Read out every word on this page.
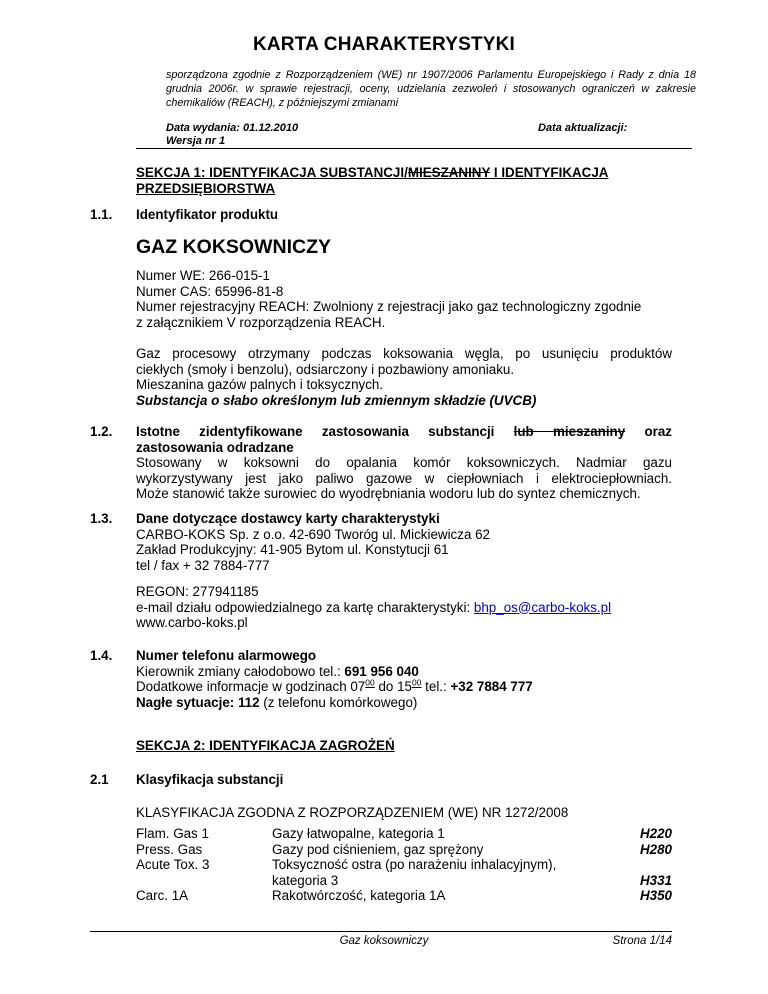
KARTA CHARAKTERYSTYKI
sporządzona zgodnie z Rozporządzeniem (WE) nr 1907/2006 Parlamentu Europejskiego i Rady z dnia 18 grudnia 2006r. w sprawie rejestracji, oceny, udzielania zezwoleń i stosowanych ograniczeń w zakresie chemikaliów (REACH), z późniejszymi zmianami
Data wydania: 01.12.2010
Wersja nr 1
Data aktualizacji:
SEKCJA 1: IDENTYFIKACJA SUBSTANCJI/MIESZANINY I IDENTYFIKACJA
PRZEDSIĘBIORSTWA
1.1. Identyfikator produktu
GAZ KOKSOWNICZY
Numer WE: 266-015-1
Numer CAS: 65996-81-8
Numer rejestracyjny REACH: Zwolniony z rejestracji jako gaz technologiczny zgodnie
z załącznikiem V rozporządzenia REACH.
Gaz procesowy otrzymany podczas koksowania węgla, po usunięciu produktów
ciekłych (smoły i benzolu), odsiarczony i pozbawiony amoniaku.
Mieszanina gazów palnych i toksycznych.
Substancja o słabo określonym lub zmiennym składzie (UVCB)
1.2. Istotne zidentyfikowane zastosowania substancji lub mieszaniny oraz
zastosowania odradzane
Stosowany w koksowni do opalania komór koksowniczych. Nadmiar gazu
wykorzystywany jest jako paliwo gazowe w ciepłowniach i elektrociepłowniach.
Może stanowić także surowiec do wyodrębniania wodoru lub do syntez chemicznych.
1.3. Dane dotyczące dostawcy karty charakterystyki
CARBO-KOKS Sp. z o.o. 42-690 Tworóg ul. Mickiewicza 62
Zakład Produkcyjny: 41-905 Bytom ul. Konstytucji 61
tel / fax + 32 7884-777
REGON: 277941185
e-mail działu odpowiedzialnego za kartę charakterystyki: bhp_os@carbo-koks.pl
www.carbo-koks.pl
1.4. Numer telefonu alarmowego
Kierownik zmiany całodobowo tel.: 691 956 040
Dodatkowe informacje w godzinach $07^{00}$ do $15^{00}$ tel.: +32 7884 777
Nagłe sytuacje: 112 (z telefonu komórkowego)
SEKCJA 2: IDENTYFIKACJA ZAGROŻEŃ
2.1 Klasyfikacja substancji
KLASYFIKACJA ZGODNA Z ROZPORZĄDZENIEM (WE) NR 1272/2008
Flam. Gas 1
Press. Gas
Acute Tox. 3
Carc. 1A
Gazy łatwopalne, kategoria 1
Gazy pod ciśnieniem, gaz sprężony
Toksyczność ostra (po narażeniu inhalacyjnym),
kategoria 3
Rakotwórczość, kategoria 1A
H220
H280
H331
H350
Gaz koksowniczy	Strona 1/14
